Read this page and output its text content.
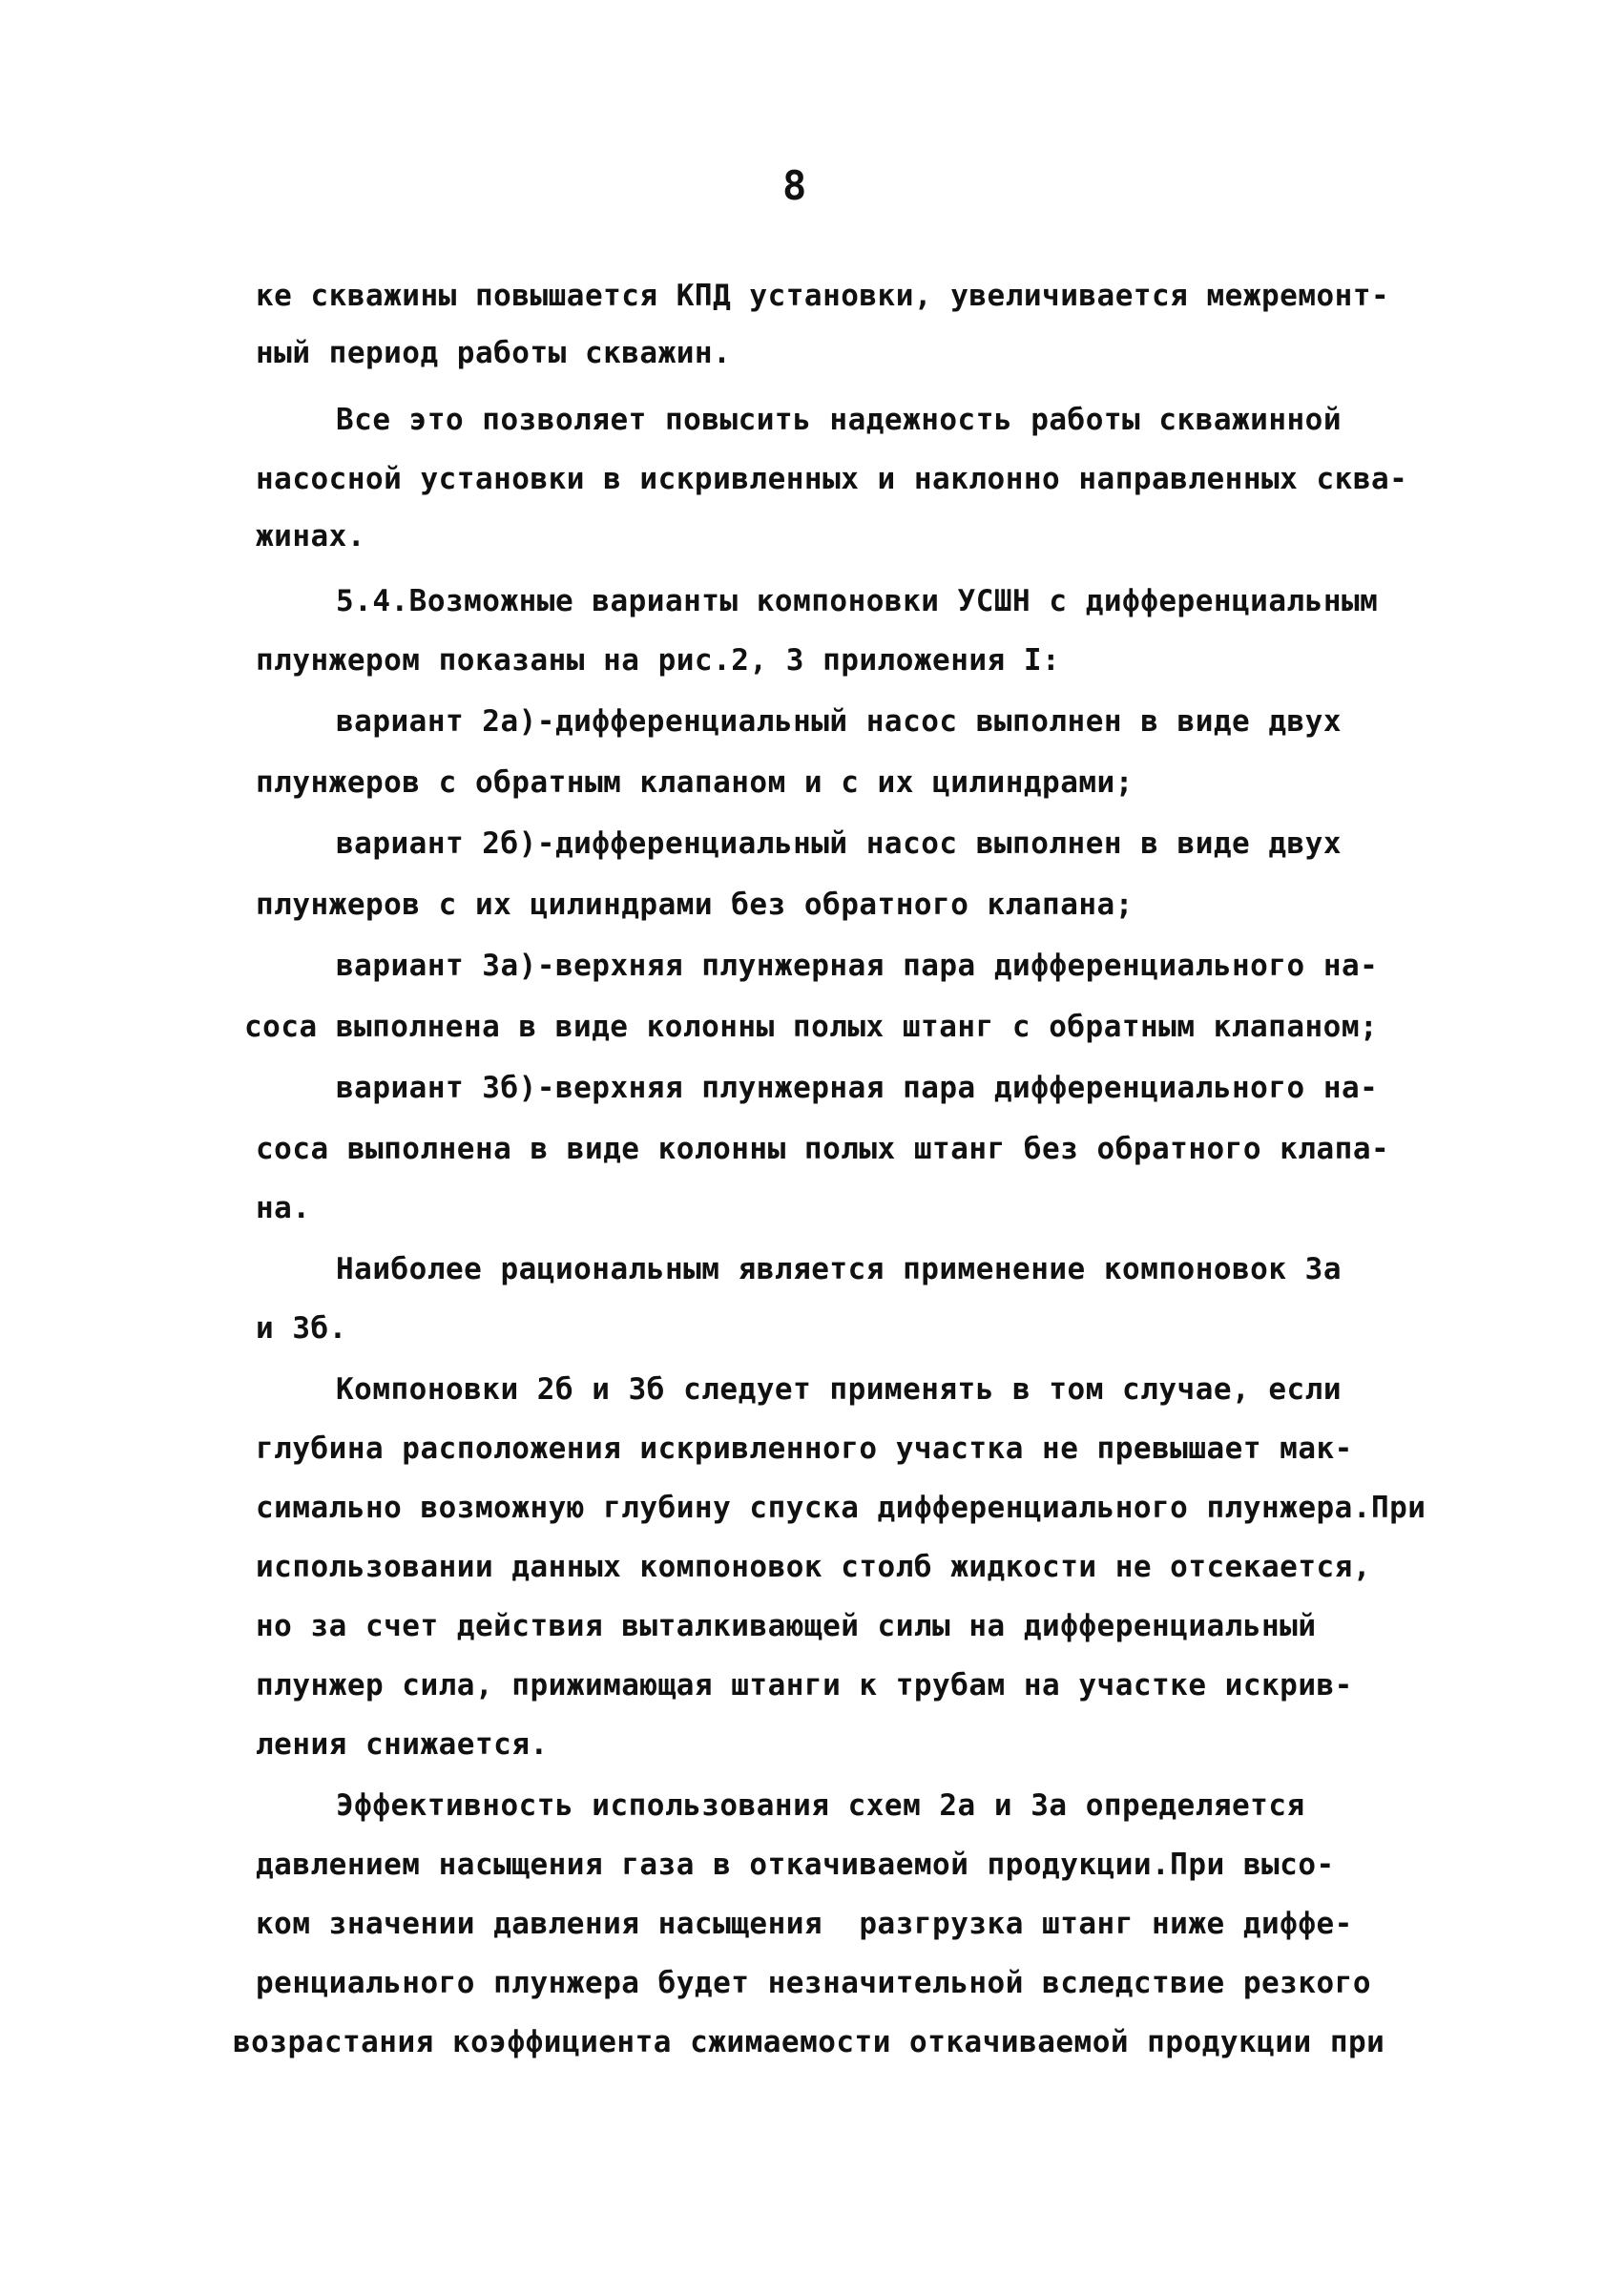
8
ке скважины повышается КПД установки, увеличивается межремонт-
ный период работы скважин.
Все это позволяет повысить надежность работы скважинной
насосной установки в искривленных и наклонно направленных сква-
жинах.
5.4.Возможные варианты компоновки УСШН с дифференциальным
плунжером показаны на рис.2, 3 приложения I:
вариант 2а)-дифференциальный насос выполнен в виде двух
плунжеров с обратным клапаном и с их цилиндрами;
вариант 2б)-дифференциальный насос выполнен в виде двух
плунжеров с их цилиндрами без обратного клапана;
вариант 3а)-верхняя плунжерная пара дифференциального на-
соса выполнена в виде колонны полых штанг с обратным клапаном;
вариант 3б)-верхняя плунжерная пара дифференциального на-
соса выполнена в виде колонны полых штанг без обратного клапа-
на.
Наиболее рациональным является применение компоновок 3а
и 3б.
Компоновки 2б и 3б следует применять в том случае, если
глубина расположения искривленного участка не превышает мак-
симально возможную глубину спуска дифференциального плунжера.При
использовании данных компоновок столб жидкости не отсекается,
но за счет действия выталкивающей силы на дифференциальный
плунжер сила, прижимающая штанги к трубам на участке искрив-
ления снижается.
Эффективность использования схем 2а и 3а определяется
давлением насыщения газа в откачиваемой продукции.При высо-
ком значении давления насыщения  разгрузка штанг ниже диффе-
ренциального плунжера будет незначительной вследствие резкого
возрастания коэффициента сжимаемости откачиваемой продукции при
